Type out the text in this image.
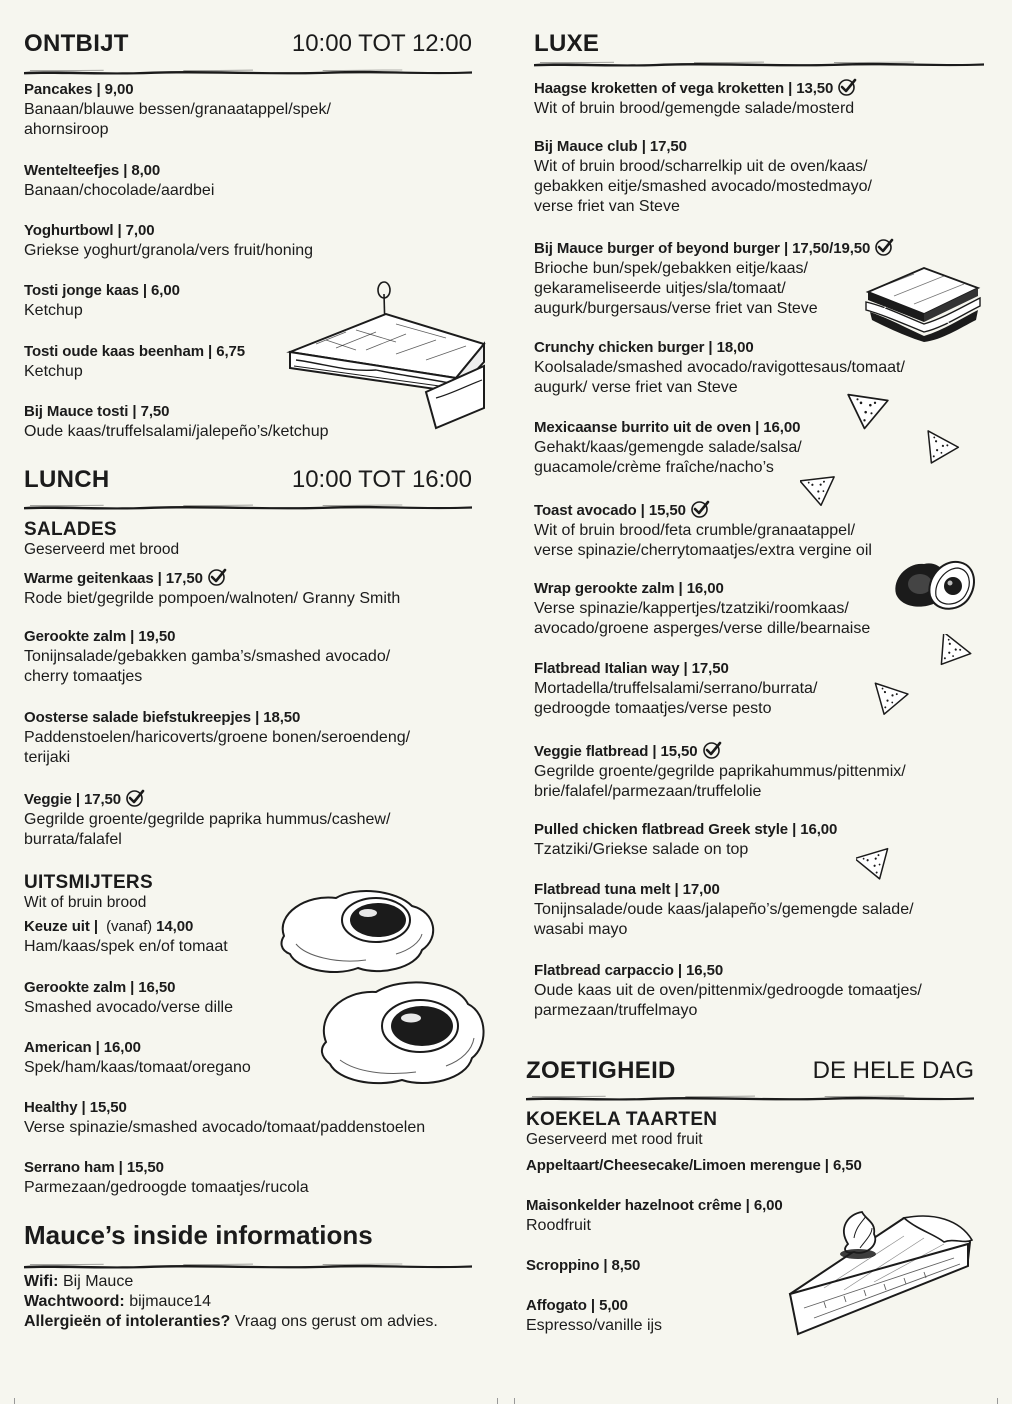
ONTBIJT	10:00 TOT 12:00
Pancakes | 9,00
Banaan/blauwe bessen/granaatappel/spek/
ahornsiroop
Wentelteefjes | 8,00
Banaan/chocolade/aardbei
Yoghurtbowl | 7,00
Griekse yoghurt/granola/vers fruit/honing
Tosti jonge kaas | 6,00
Ketchup
Tosti oude kaas beenham | 6,75
Ketchup
Bij Mauce tosti | 7,50
Oude kaas/truffelsalami/jalepeño’s/ketchup
LUNCH	10:00 TOT 16:00
SALADES
Geserveerd met brood
Warme geitenkaas | 17,50
Rode biet/gegrilde pompoen/walnoten/ Granny Smith
Gerookte zalm | 19,50
Tonijnsalade/gebakken gamba’s/smashed avocado/
cherry tomaatjes
Oosterse salade biefstukreepjes | 18,50
Paddenstoelen/haricoverts/groene bonen/seroendeng/
terijaki
Veggie | 17,50
Gegrilde groente/gegrilde paprika hummus/cashew/
burrata/falafel
UITSMIJTERS
Wit of bruin brood
Keuze uit | (vanaf) 14,00
Ham/kaas/spek en/of tomaat
Gerookte zalm | 16,50
Smashed avocado/verse dille
American | 16,00
Spek/ham/kaas/tomaat/oregano
Healthy | 15,50
Verse spinazie/smashed avocado/tomaat/paddenstoelen
Serrano ham | 15,50
Parmezaan/gedroogde tomaatjes/rucola
Mauce’s inside informations
Wifi: Bij Mauce
Wachtwoord: bijmauce14
Allergieën of intoleranties? Vraag ons gerust om advies.
LUXE
Haagse kroketten of vega kroketten | 13,50
Wit of bruin brood/gemengde salade/mosterd
Bij Mauce club | 17,50
Wit of bruin brood/scharrelkip uit de oven/kaas/
gebakken eitje/smashed avocado/mostedmayo/
verse friet van Steve
Bij Mauce burger of beyond burger | 17,50/19,50
Brioche bun/spek/gebakken eitje/kaas/
gekarameliseerde uitjes/sla/tomaat/
augurk/burgersaus/verse friet van Steve
Crunchy chicken burger | 18,00
Koolsalade/smashed avocado/ravigottesaus/tomaat/
augurk/ verse friet van Steve
Mexicaanse burrito uit de oven | 16,00
Gehakt/kaas/gemengde salade/salsa/
guacamole/crème fraîche/nacho’s
Toast avocado | 15,50
Wit of bruin brood/feta crumble/granaatappel/
verse spinazie/cherrytomaatjes/extra vergine oil
Wrap gerookte zalm | 16,00
Verse spinazie/kappertjes/tzatziki/roomkaas/
avocado/groene asperges/verse dille/bearnaise
Flatbread Italian way | 17,50
Mortadella/truffelsalami/serrano/burrata/
gedroogde tomaatjes/verse pesto
Veggie flatbread | 15,50
Gegrilde groente/gegrilde paprikahummus/pittenmix/
brie/falafel/parmezaan/truffelolie
Pulled chicken flatbread Greek style | 16,00
Tzatziki/Griekse salade on top
Flatbread tuna melt | 17,00
Tonijnsalade/oude kaas/jalapeño’s/gemengde salade/
wasabi mayo
Flatbread carpaccio | 16,50
Oude kaas uit de oven/pittenmix/gedroogde tomaatjes/
parmezaan/truffelmayo
ZOETIGHEID	DE HELE DAG
KOEKELA TAARTEN
Geserveerd met rood fruit
Appeltaart/Cheesecake/Limoen merengue | 6,50
Maisonkelder hazelnoot crême | 6,00
Roodfruit
Scroppino | 8,50
Affogato | 5,00
Espresso/vanille ijs
